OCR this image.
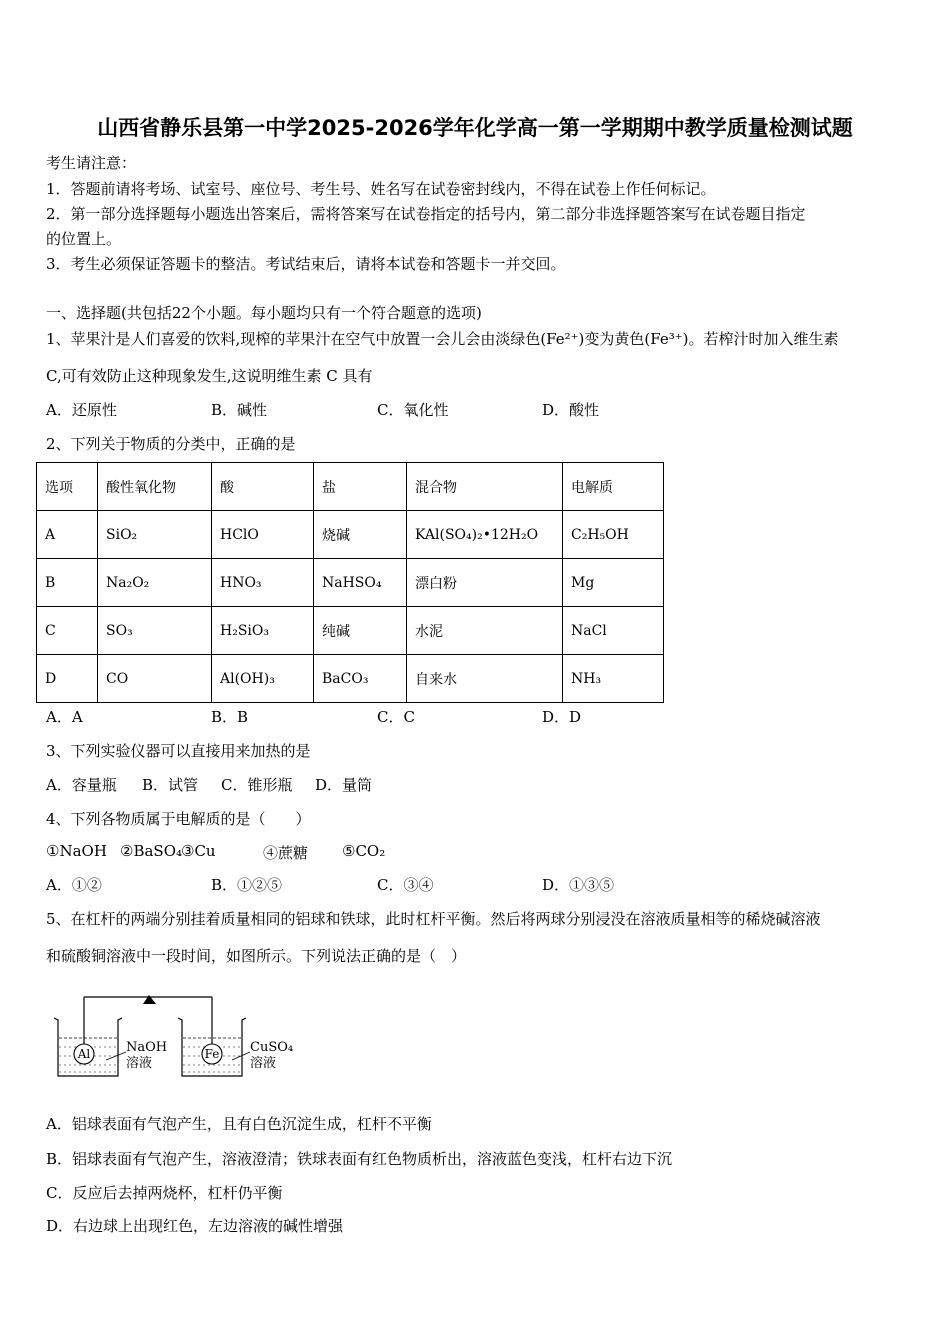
山西省静乐县第一中学2025-2026学年化学高一第一学期期中教学质量检测试题
考生请注意：
1．答题前请将考场、试室号、座位号、考生号、姓名写在试卷密封线内，不得在试卷上作任何标记。
2．第一部分选择题每小题选出答案后，需将答案写在试卷指定的括号内，第二部分非选择题答案写在试卷题目指定
的位置上。
3．考生必须保证答题卡的整洁。考试结束后，请将本试卷和答题卡一并交回。
一、选择题(共包括22个小题。每小题均只有一个符合题意的选项)
1、苹果汁是人们喜爱的饮料,现榨的苹果汁在空气中放置一会儿会由淡绿色(Fe²⁺)变为黄色(Fe³⁺)。若榨汁时加入维生素
C,可有效防止这种现象发生,这说明维生素 C 具有
A．还原性	B．碱性	C．氧化性	D．酸性
2、下列关于物质的分类中，正确的是
选项	酸性氧化物	酸	盐	混合物	电解质
A	SiO₂	HClO	烧碱	KAl(SO₄)₂•12H₂O	C₂H₅OH
B	Na₂O₂	HNO₃	NaHSO₄	漂白粉	Mg
C	SO₃	H₂SiO₃	纯碱	水泥	NaCl
D	CO	Al(OH)₃	BaCO₃	自来水	NH₃
A．A	B．B	C．C	D．D
3、下列实验仪器可以直接用来加热的是
A．容量瓶 B．试管 C．锥形瓶 D．量筒
4、下列各物质属于电解质的是（　　）
①NaOH ②BaSO₄ ③Cu	④蔗糖 ⑤CO₂
A．①②	B．①②⑤	C．③④	D．①③⑤
5、在杠杆的两端分别挂着质量相同的铝球和铁球，此时杠杆平衡。然后将两球分别浸没在溶液质量相等的稀烧碱溶液
和硫酸铜溶液中一段时间，如图所示。下列说法正确的是（　）
Al	NaOH
溶液
Fe CuSO₄
溶液
A．铝球表面有气泡产生，且有白色沉淀生成，杠杆不平衡
B．铝球表面有气泡产生，溶液澄清；铁球表面有红色物质析出，溶液蓝色变浅，杠杆右边下沉
C．反应后去掉两烧杯，杠杆仍平衡
D．右边球上出现红色，左边溶液的碱性增强
